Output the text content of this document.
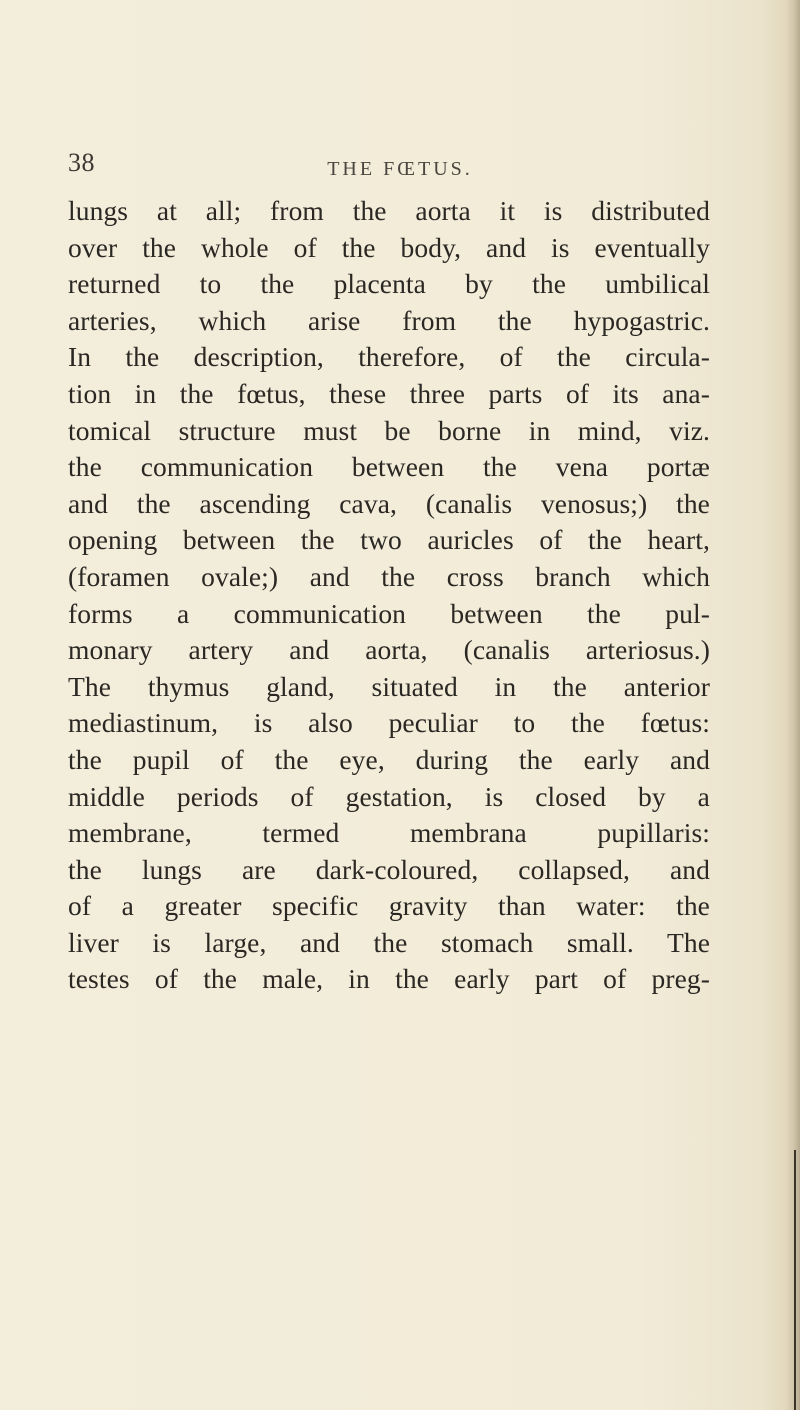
38	THE FŒTUS.
lungs at all; from the aorta it is distributed
over the whole of the body, and is eventually
returned to the placenta by the umbilical
arteries, which arise from the hypogastric.
In the description, therefore, of the circula-
tion in the fœtus, these three parts of its ana-
tomical structure must be borne in mind, viz.
the communication between the vena portæ
and the ascending cava, (canalis venosus;) the
opening between the two auricles of the heart,
(foramen ovale;) and the cross branch which
forms a communication between the pul-
monary artery and aorta, (canalis arteriosus.)
The thymus gland, situated in the anterior
mediastinum, is also peculiar to the fœtus:
the pupil of the eye, during the early and
middle periods of gestation, is closed by a
membrane, termed membrana pupillaris:
the lungs are dark-coloured, collapsed, and
of a greater specific gravity than water: the
liver is large, and the stomach small. The
testes of the male, in the early part of preg-
